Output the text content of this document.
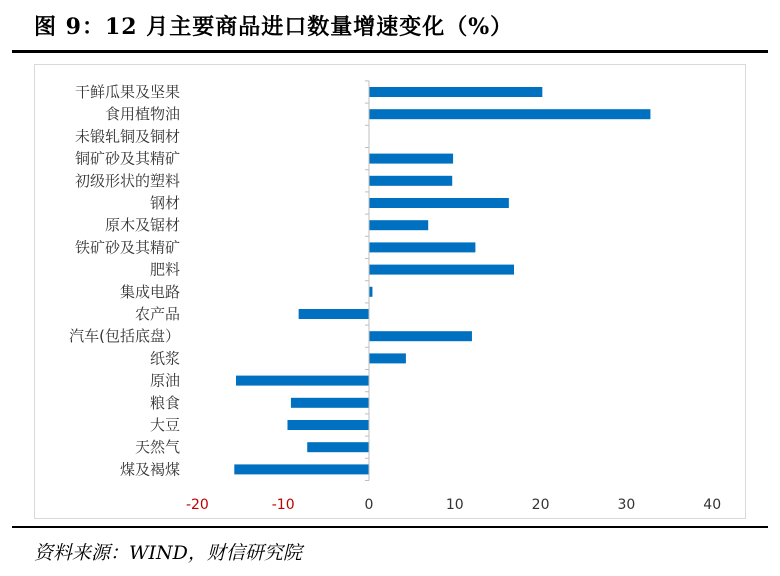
图 9：12 月主要商品进口数量增速变化（%）
干鲜瓜果及坚果
食用植物油
未锻轧铜及铜材
铜矿砂及其精矿
初级形状的塑料
钢材
原木及锯材
铁矿砂及其精矿
肥料
集成电路
农产品
汽车(包括底盘）
纸浆
原油
粮食
大豆
天然气
煤及褐煤
-20	-10	0	10	20	30	40
资料来源：WIND，财信研究院
